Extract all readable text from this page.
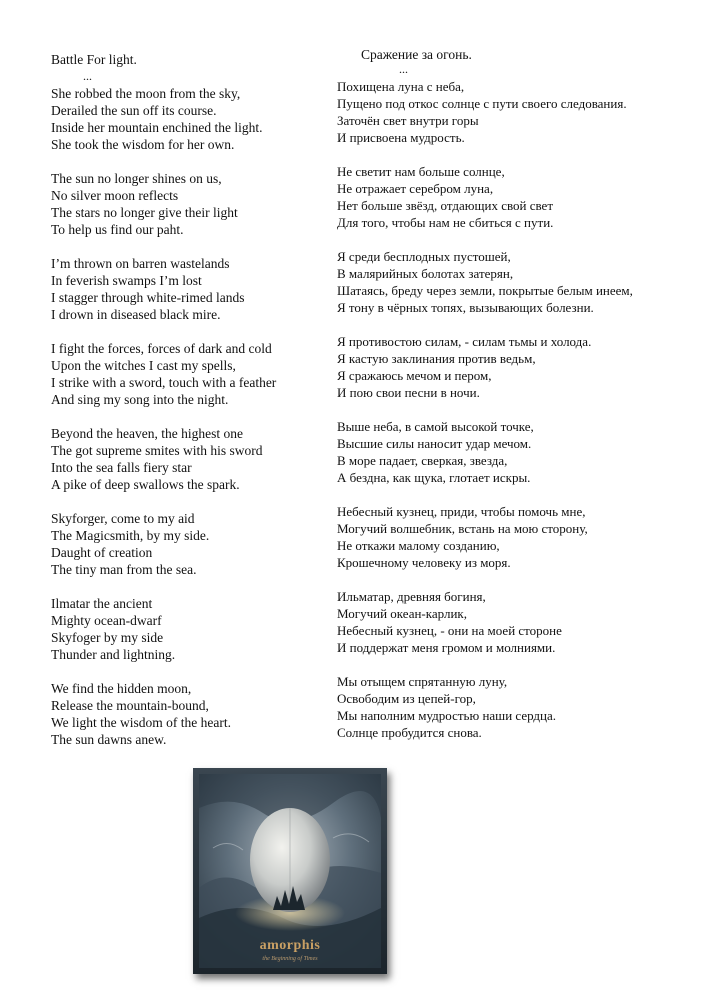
Battle For light.
...
She robbed the moon from the sky,
Derailed the sun off its course.
Inside her mountain enchined the light.
She took the wisdom for her own.
The sun no longer shines on us,
No silver moon reflects
The stars no longer give their light
To help us find our paht.
I’m thrown on barren wastelands
In feverish swamps I’m lost
I stagger through white-rimed lands
I drown in diseased black mire.
I fight the forces, forces of dark and cold
Upon the witches I cast my spells,
I strike with a sword, touch with a feather
And sing my song into the night.
Beyond the heaven, the highest one
The got supreme smites with his sword
Into the sea falls fiery star
A pike of deep swallows the spark.
Skyforger, come to my aid
The Magicsmith, by my side.
Daught of creation
The tiny man from the sea.
Ilmatar the ancient
Mighty ocean-dwarf
Skyfoger by my side
Thunder and lightning.
We find the hidden moon,
Release the mountain-bound,
We light the wisdom of the heart.
The sun dawns anew.
Сражение за огонь.
...
Похищена луна с неба,
Пущено под откос солнце с пути своего следования.
Заточён свет внутри горы
И присвоена мудрость.
Не светит нам больше солнце,
Не отражает серебром луна,
Нет больше звёзд, отдающих свой свет
Для того, чтобы нам не сбиться с пути.
Я среди бесплодных пустошей,
В малярийных болотах затерян,
Шатаясь, бреду через земли, покрытые белым инеем,
Я тону в чёрных топях, вызывающих болезни.
Я противостою силам, - силам тьмы и холода.
Я кастую заклинания против ведьм,
Я сражаюсь мечом и пером,
И пою свои песни в ночи.
Выше неба, в самой высокой точке,
Высшие силы наносит удар мечом.
В море падает, сверкая, звезда,
А бездна, как щука, глотает искры.
Небесный кузнец, приди, чтобы помочь мне,
Могучий волшебник, встань на мою сторону,
Не откажи малому созданию,
Крошечному человеку из моря.
Ильматар, древняя богиня,
Могучий океан-карлик,
Небесный кузнец, - они на моей стороне
И поддержат меня громом и молниями.
Мы отыщем спрятанную луну,
Освободим из цепей-гор,
Мы наполним мудростью наши сердца.
Солнце пробудится снова.
amorphis
the Beginning of Times
